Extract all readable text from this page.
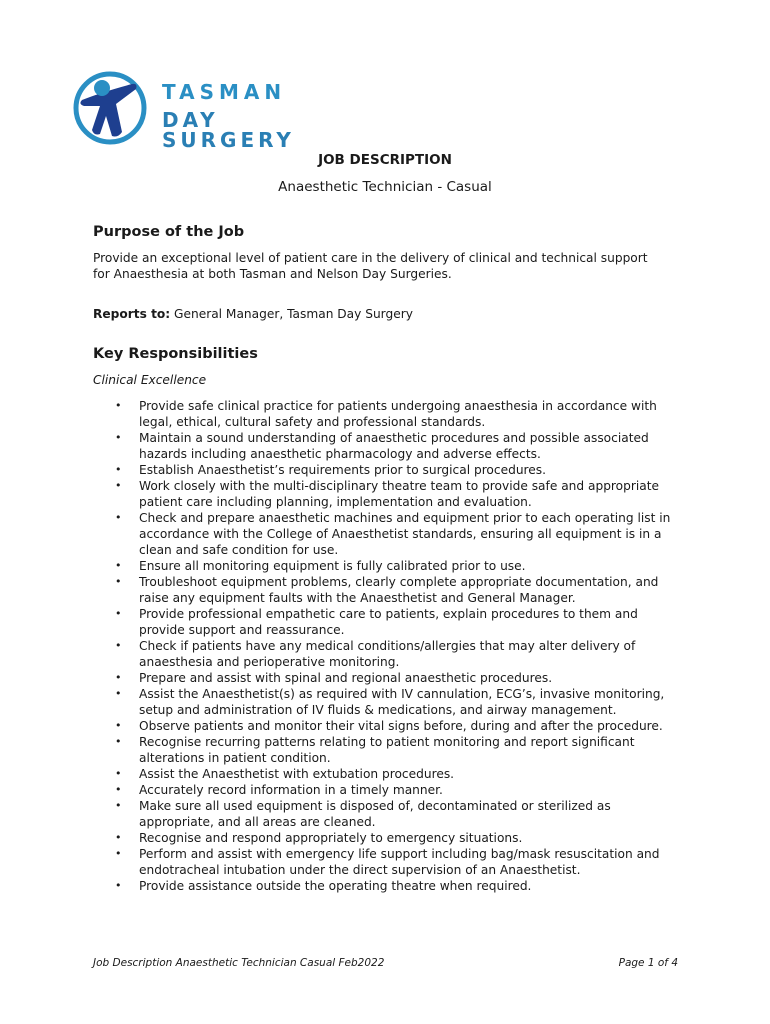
TASMAN
DAY SURGERY
JOB DESCRIPTION
Anaesthetic Technician - Casual
Purpose of the Job

Provide an exceptional level of patient care in the delivery of clinical and technical support for Anaesthesia at both Tasman and Nelson Day Surgeries.

Reports to: General Manager, Tasman Day Surgery

Key Responsibilities
Clinical Excellence
• Provide safe clinical practice for patients undergoing anaesthesia in accordance with legal, ethical, cultural safety and professional standards.
• Maintain a sound understanding of anaesthetic procedures and possible associated hazards including anaesthetic pharmacology and adverse effects.
• Establish Anaesthetist’s requirements prior to surgical procedures.
• Work closely with the multi-disciplinary theatre team to provide safe and appropriate patient care including planning, implementation and evaluation.
• Check and prepare anaesthetic machines and equipment prior to each operating list in accordance with the College of Anaesthetist standards, ensuring all equipment is in a clean and safe condition for use.
• Ensure all monitoring equipment is fully calibrated prior to use.
• Troubleshoot equipment problems, clearly complete appropriate documentation, and raise any equipment faults with the Anaesthetist and General Manager.
• Provide professional empathetic care to patients, explain procedures to them and provide support and reassurance.
• Check if patients have any medical conditions/allergies that may alter delivery of anaesthesia and perioperative monitoring.
• Prepare and assist with spinal and regional anaesthetic procedures.
• Assist the Anaesthetist(s) as required with IV cannulation, ECG’s, invasive monitoring, setup and administration of IV fluids & medications, and airway management.
• Observe patients and monitor their vital signs before, during and after the procedure.
• Recognise recurring patterns relating to patient monitoring and report significant alterations in patient condition.
• Assist the Anaesthetist with extubation procedures.
• Accurately record information in a timely manner.
• Make sure all used equipment is disposed of, decontaminated or sterilized as appropriate, and all areas are cleaned.
• Recognise and respond appropriately to emergency situations.
• Perform and assist with emergency life support including bag/mask resuscitation and endotracheal intubation under the direct supervision of an Anaesthetist.
• Provide assistance outside the operating theatre when required.
Job Description Anaesthetic Technician Casual Feb2022	Page 1 of 4
